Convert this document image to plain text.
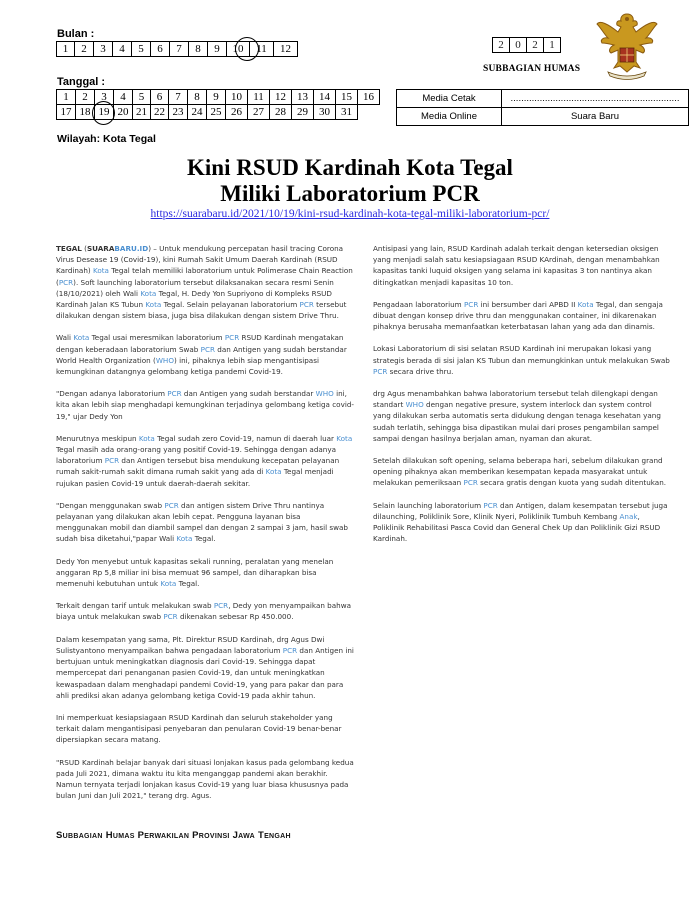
Bulan :
1	2	3	4	5	6	7	8	9	10	11	12
Tanggal :
1	2	3	4	5	6	7	8	9	10	11	12	13	14	15	16
17	18	19	20	21	22	23	24	25	26	27	28	29	30	31	
2	0	2	1
SUBBAGIAN HUMAS
Media Cetak	................................................................
Media Online	Suara Baru
Wilayah: Kota Tegal
Kini RSUD Kardinah Kota Tegal
Miliki Laboratorium PCR
https://suarabaru.id/2021/10/19/kini-rsud-kardinah-kota-tegal-miliki-laboratorium-pcr/

TEGAL (SUARABARU.ID) – Untuk mendukung percepatan hasil tracing Corona Virus Desease 19 (Covid-19), kini Rumah Sakit Umum Daerah Kardinah (RSUD Kardinah) Kota Tegal telah memiliki laboratorium untuk Polimerase Chain Reaction (PCR). Soft launching laboratorium tersebut dilaksanakan secara resmi Senin (18/10/2021) oleh Wali Kota Tegal, H. Dedy Yon Supriyono di Kompleks RSUD Kardinah Jalan KS Tubun Kota Tegal. Selain pelayanan laboratorium PCR tersebut dilakukan dengan sistem biasa, juga bisa dilakukan dengan sistem Drive Thru.

Wali Kota Tegal usai meresmikan laboratorium PCR RSUD Kardinah mengatakan dengan keberadaan laboratorium Swab PCR dan Antigen yang sudah berstandar World Health Organization (WHO) ini, pihaknya lebih siap mengantisipasi kemungkinan datangnya gelombang ketiga pandemi Covid-19.

"Dengan adanya laboratorium PCR dan Antigen yang sudah berstandar WHO ini, kita akan lebih siap menghadapi kemungkinan terjadinya gelombang ketiga covid-19," ujar Dedy Yon

Menurutnya meskipun Kota Tegal sudah zero Covid-19, namun di daerah luar Kota Tegal masih ada orang-orang yang positif Covid-19. Sehingga dengan adanya laboratorium PCR dan Antigen tersebut bisa mendukung kecepatan pelayanan rumah sakit-rumah sakit dimana rumah sakit yang ada di Kota Tegal menjadi rujukan pasien Covid-19 untuk daerah-daerah sekitar.

"Dengan menggunakan swab PCR dan antigen sistem Drive Thru nantinya pelayanan yang dilakukan akan lebih cepat. Pengguna layanan bisa menggunakan mobil dan diambil sampel dan dengan 2 sampai 3 jam, hasil swab sudah bisa diketahui,"papar Wali Kota Tegal.

Dedy Yon menyebut untuk kapasitas sekali running, peralatan yang menelan anggaran Rp 5,8 miliar ini bisa memuat 96 sampel, dan diharapkan bisa memenuhi kebutuhan untuk Kota Tegal.

Terkait dengan tarif untuk melakukan swab PCR, Dedy yon menyampaikan bahwa biaya untuk melakukan swab PCR dikenakan sebesar Rp 450.000.

Dalam kesempatan yang sama, Plt. Direktur RSUD Kardinah, drg Agus Dwi Sulistyantono menyampaikan bahwa pengadaan laboratorium PCR dan Antigen ini bertujuan untuk meningkatkan diagnosis dari Covid-19. Sehingga dapat mempercepat dari penanganan pasien Covid-19, dan untuk meningkatkan kewaspadaan dalam menghadapi pandemi Covid-19, yang para pakar dan para ahli prediksi akan adanya gelombang ketiga Covid-19 pada akhir tahun.

Ini memperkuat kesiapsiagaan RSUD Kardinah dan seluruh stakeholder yang terkait dalam mengantisipasi penyebaran dan penularan Covid-19 benar-benar dipersiapkan secara matang.

"RSUD Kardinah belajar banyak dari situasi lonjakan kasus pada gelombang kedua pada Juli 2021, dimana waktu itu kita menganggap pandemi akan berakhir. Namun ternyata terjadi lonjakan kasus Covid-19 yang luar biasa khususnya pada bulan Juni dan Juli 2021," terang drg. Agus.

Antisipasi yang lain, RSUD Kardinah adalah terkait dengan ketersedian oksigen yang menjadi salah satu kesiapsiagaan RSUD KArdinah, dengan menambahkan kapasitas tanki luquid oksigen yang selama ini kapasitas 3 ton nantinya akan ditingkatkan menjadi kapasitas 10 ton.

Pengadaan laboratorium PCR ini bersumber dari APBD II Kota Tegal, dan sengaja dibuat dengan konsep drive thru dan menggunakan container, ini dikarenakan pihaknya berusaha memanfaatkan keterbatasan lahan yang ada dan dinamis.

Lokasi Laboratorium di sisi selatan RSUD Kardinah ini merupakan lokasi yang strategis berada di sisi jalan KS Tubun dan memungkinkan untuk melakukan Swab PCR secara drive thru.

drg Agus menambahkan bahwa laboratorium tersebut telah dilengkapi dengan standart WHO dengan negative presure, system interlock dan system control yang dilakukan serba automatis serta didukung dengan tenaga kesehatan yang sudah terlatih, sehingga bisa dipastikan mulai dari proses pengambilan sampel sampai dengan hasilnya berjalan aman, nyaman dan akurat.

Setelah dilakukan soft opening, selama beberapa hari, sebelum dilakukan grand opening pihaknya akan memberikan kesempatan kepada masyarakat untuk melakukan pemeriksaan PCR secara gratis dengan kuota yang sudah ditentukan.

Selain launching laboratorium PCR dan Antigen, dalam kesempatan tersebut juga dilaunching, Poliklinik Sore, Klinik Nyeri, Poliklinik Tumbuh Kembang Anak, Poliklinik Rehabilitasi Pasca Covid dan General Chek Up dan Poliklinik Gizi RSUD Kardinah.

Subbagian Humas Perwakilan Provinsi Jawa Tengah
